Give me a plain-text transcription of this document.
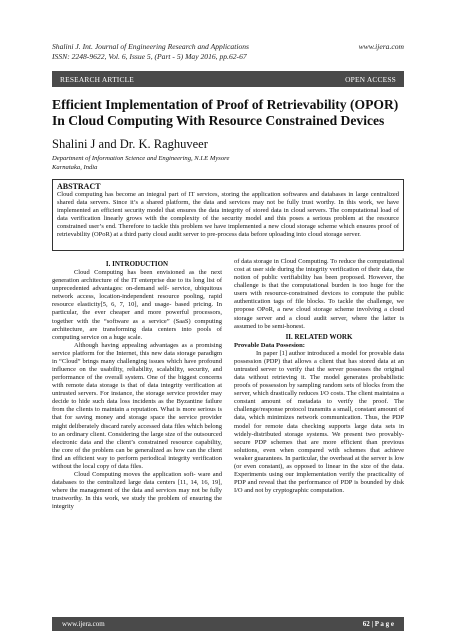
Shalini J. Int. Journal of Engineering Research and Applications	www.ijera.com
ISSN: 2248-9622, Vol. 6, Issue 5, (Part - 5) May 2016, pp.62-67
RESEARCH ARTICLE	OPEN ACCESS
Efficient Implementation of Proof of Retrievability (OPOR) In Cloud Computing With Resource Constrained Devices
Shalini J and Dr. K. Raghuveer
Department of Information Science and Engineering, N.I.E Mysore
Karnataka, India
ABSTRACT

Cloud computing has become an integral part of IT services, storing the application softwares and databases in large centralized shared data servers. Since it’s a shared platform, the data and services may not be fully trust worthy. In this work, we have implemented an efficient security model that ensures the data integrity of stored data in cloud servers. The computational load of data verification linearly grows with the complexity of the security model and this poses a serious problem at the resource constrained user’s end. Therefore to tackle this problem we have implemented a new cloud storage scheme which ensures proof of retrievability (OPoR) at a third party cloud audit server to pre-process data before uploading into cloud storage server.

I. INTRODUCTION

Cloud Computing has been envisioned as the next generation architecture of the IT enterprise due to its long list of unprecedented advantages: on-demand self- service, ubiquitous network access, location-independent resource pooling, rapid resource elasticity[5, 6, 7, 10], and usage- based pricing. In particular, the ever cheaper and more powerful processors, together with the “software as a service” (SaaS) computing architecture, are transforming data centers into pools of computing service on a huge scale.

Although having appealing advantages as a promising service platform for the Internet, this new data storage paradigm in “Cloud” brings many challenging issues which have profound influence on the usability, reliability, scalability, security, and performance of the overall system. One of the biggest concerns with remote data storage is that of data integrity verification at untrusted servers. For instance, the storage service provider may decide to hide such data loss incidents as the Byzantine failure from the clients to maintain a reputation. What is more serious is that for saving money and storage space the service provider might deliberately discard rarely accessed data files which belong to an ordinary client. Considering the large size of the outsourced electronic data and the client’s constrained resource capability, the core of the problem can be generalized as how can the client find an efficient way to perform periodical integrity verification without the local copy of data files.

Cloud Computing moves the application soft- ware and databases to the centralized large data centers [11, 14, 16, 19], where the management of the data and services may not be fully trustworthy. In this work, we study the problem of ensuring the integrity

of data storage in Cloud Computing. To reduce the computational cost at user side during the integrity verification of their data, the notion of public verifiability has been proposed. However, the challenge is that the computational burden is too huge for the users with resource-constrained devices to compute the public authentication tags of file blocks. To tackle the challenge, we propose OPoR, a new cloud storage scheme involving a cloud storage server and a cloud audit server, where the latter is assumed to be semi-honest.

II. RELATED WORK
Provable Data Possesion:

In paper [1] author introduced a model for provable data possession (PDP) that allows a client that has stored data at an untrusted server to verify that the server possesses the original data without retrieving it. The model generates probabilistic proofs of possession by sampling random sets of blocks from the server, which drastically reduces I/O costs. The client maintains a constant amount of metadata to verify the proof. The challenge/response protocol transmits a small, constant amount of data, which minimizes network communication. Thus, the PDP model for remote data checking supports large data sets in widely-distributed storage systems. We present two provably-secure PDP schemes that are more efficient than previous solutions, even when compared with schemes that achieve weaker guarantees. In particular, the overhead at the server is low (or even constant), as opposed to linear in the size of the data. Experiments using our implementation verify the practicality of PDP and reveal that the performance of PDP is bounded by disk I/O and not by cryptographic computation.

www.ijera.com	62 | P a g e
